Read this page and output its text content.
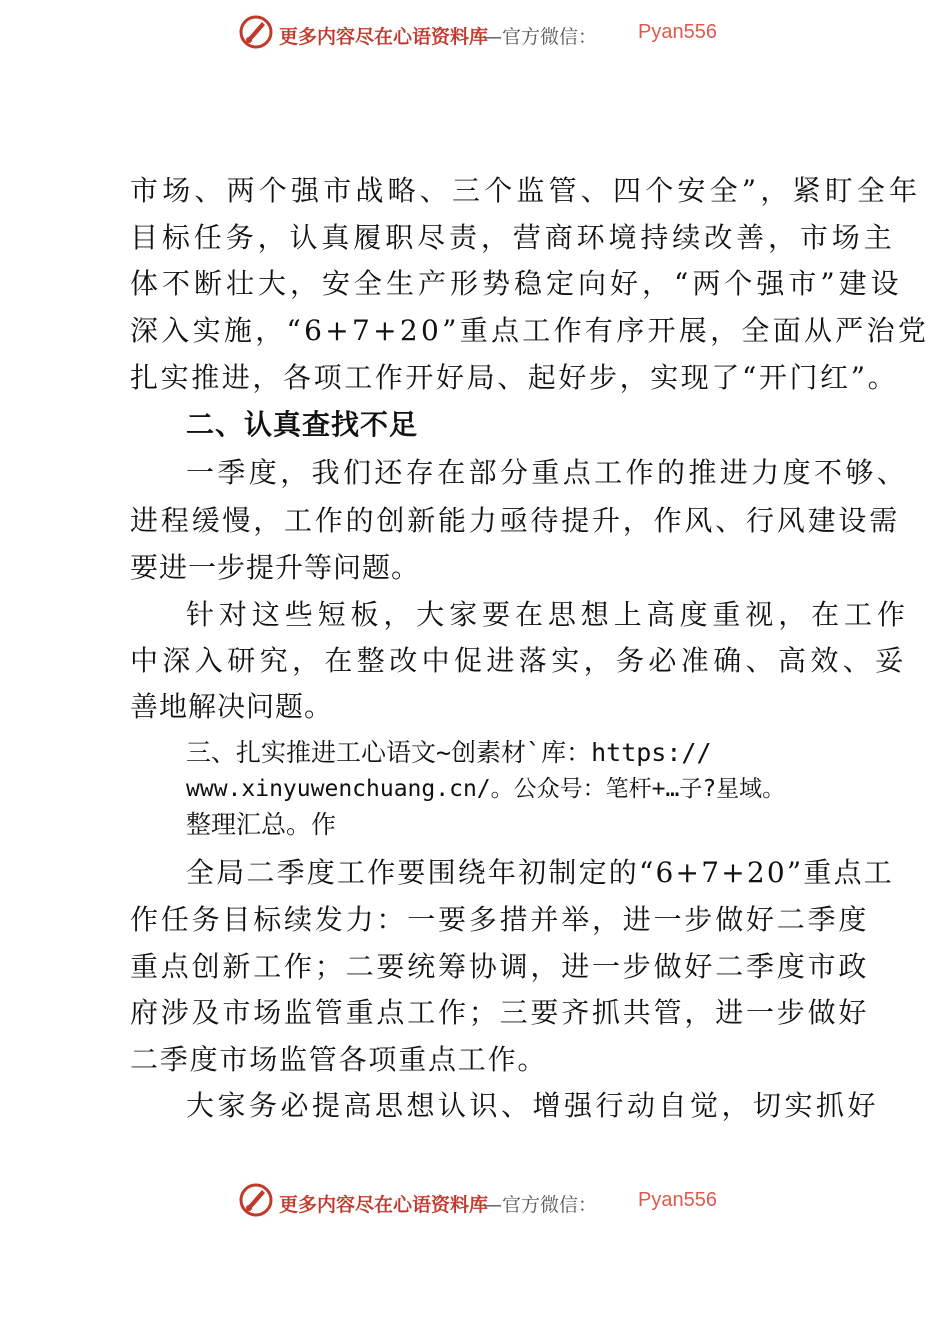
更多内容尽在心语资料库
—官方微信： Pyan556
市场、两个强市战略、三个监管、四个安全”，紧盯全年
目标任务，认真履职尽责，营商环境持续改善，市场主
体不断壮大，安全生产形势稳定向好，“两个强市”建设
深入实施，“6+7+20”重点工作有序开展，全面从严治党
扎实推进，各项工作开好局、起好步，实现了“开门红”。
二、认真查找不足
一季度，我们还存在部分重点工作的推进力度不够、
进程缓慢，工作的创新能力亟待提升，作风、行风建设需
要进一步提升等问题。
针对这些短板，大家要在思想上高度重视，在工作
中深入研究，在整改中促进落实，务必准确、高效、妥
善地解决问题。
三、扎实推进工心语文~创素材`库：https://
www.xinyuwenchuang.cn/。公众号：笔杆+…子?星域。
整理汇总。作
全局二季度工作要围绕年初制定的“6+7+20”重点工
作任务目标续发力：一要多措并举，进一步做好二季度
重点创新工作；二要统筹协调，进一步做好二季度市政
府涉及市场监管重点工作；三要齐抓共管，进一步做好
二季度市场监管各项重点工作。
大家务必提高思想认识、增强行动自觉，切实抓好
更多内容尽在心语资料库
—官方微信： Pyan556
